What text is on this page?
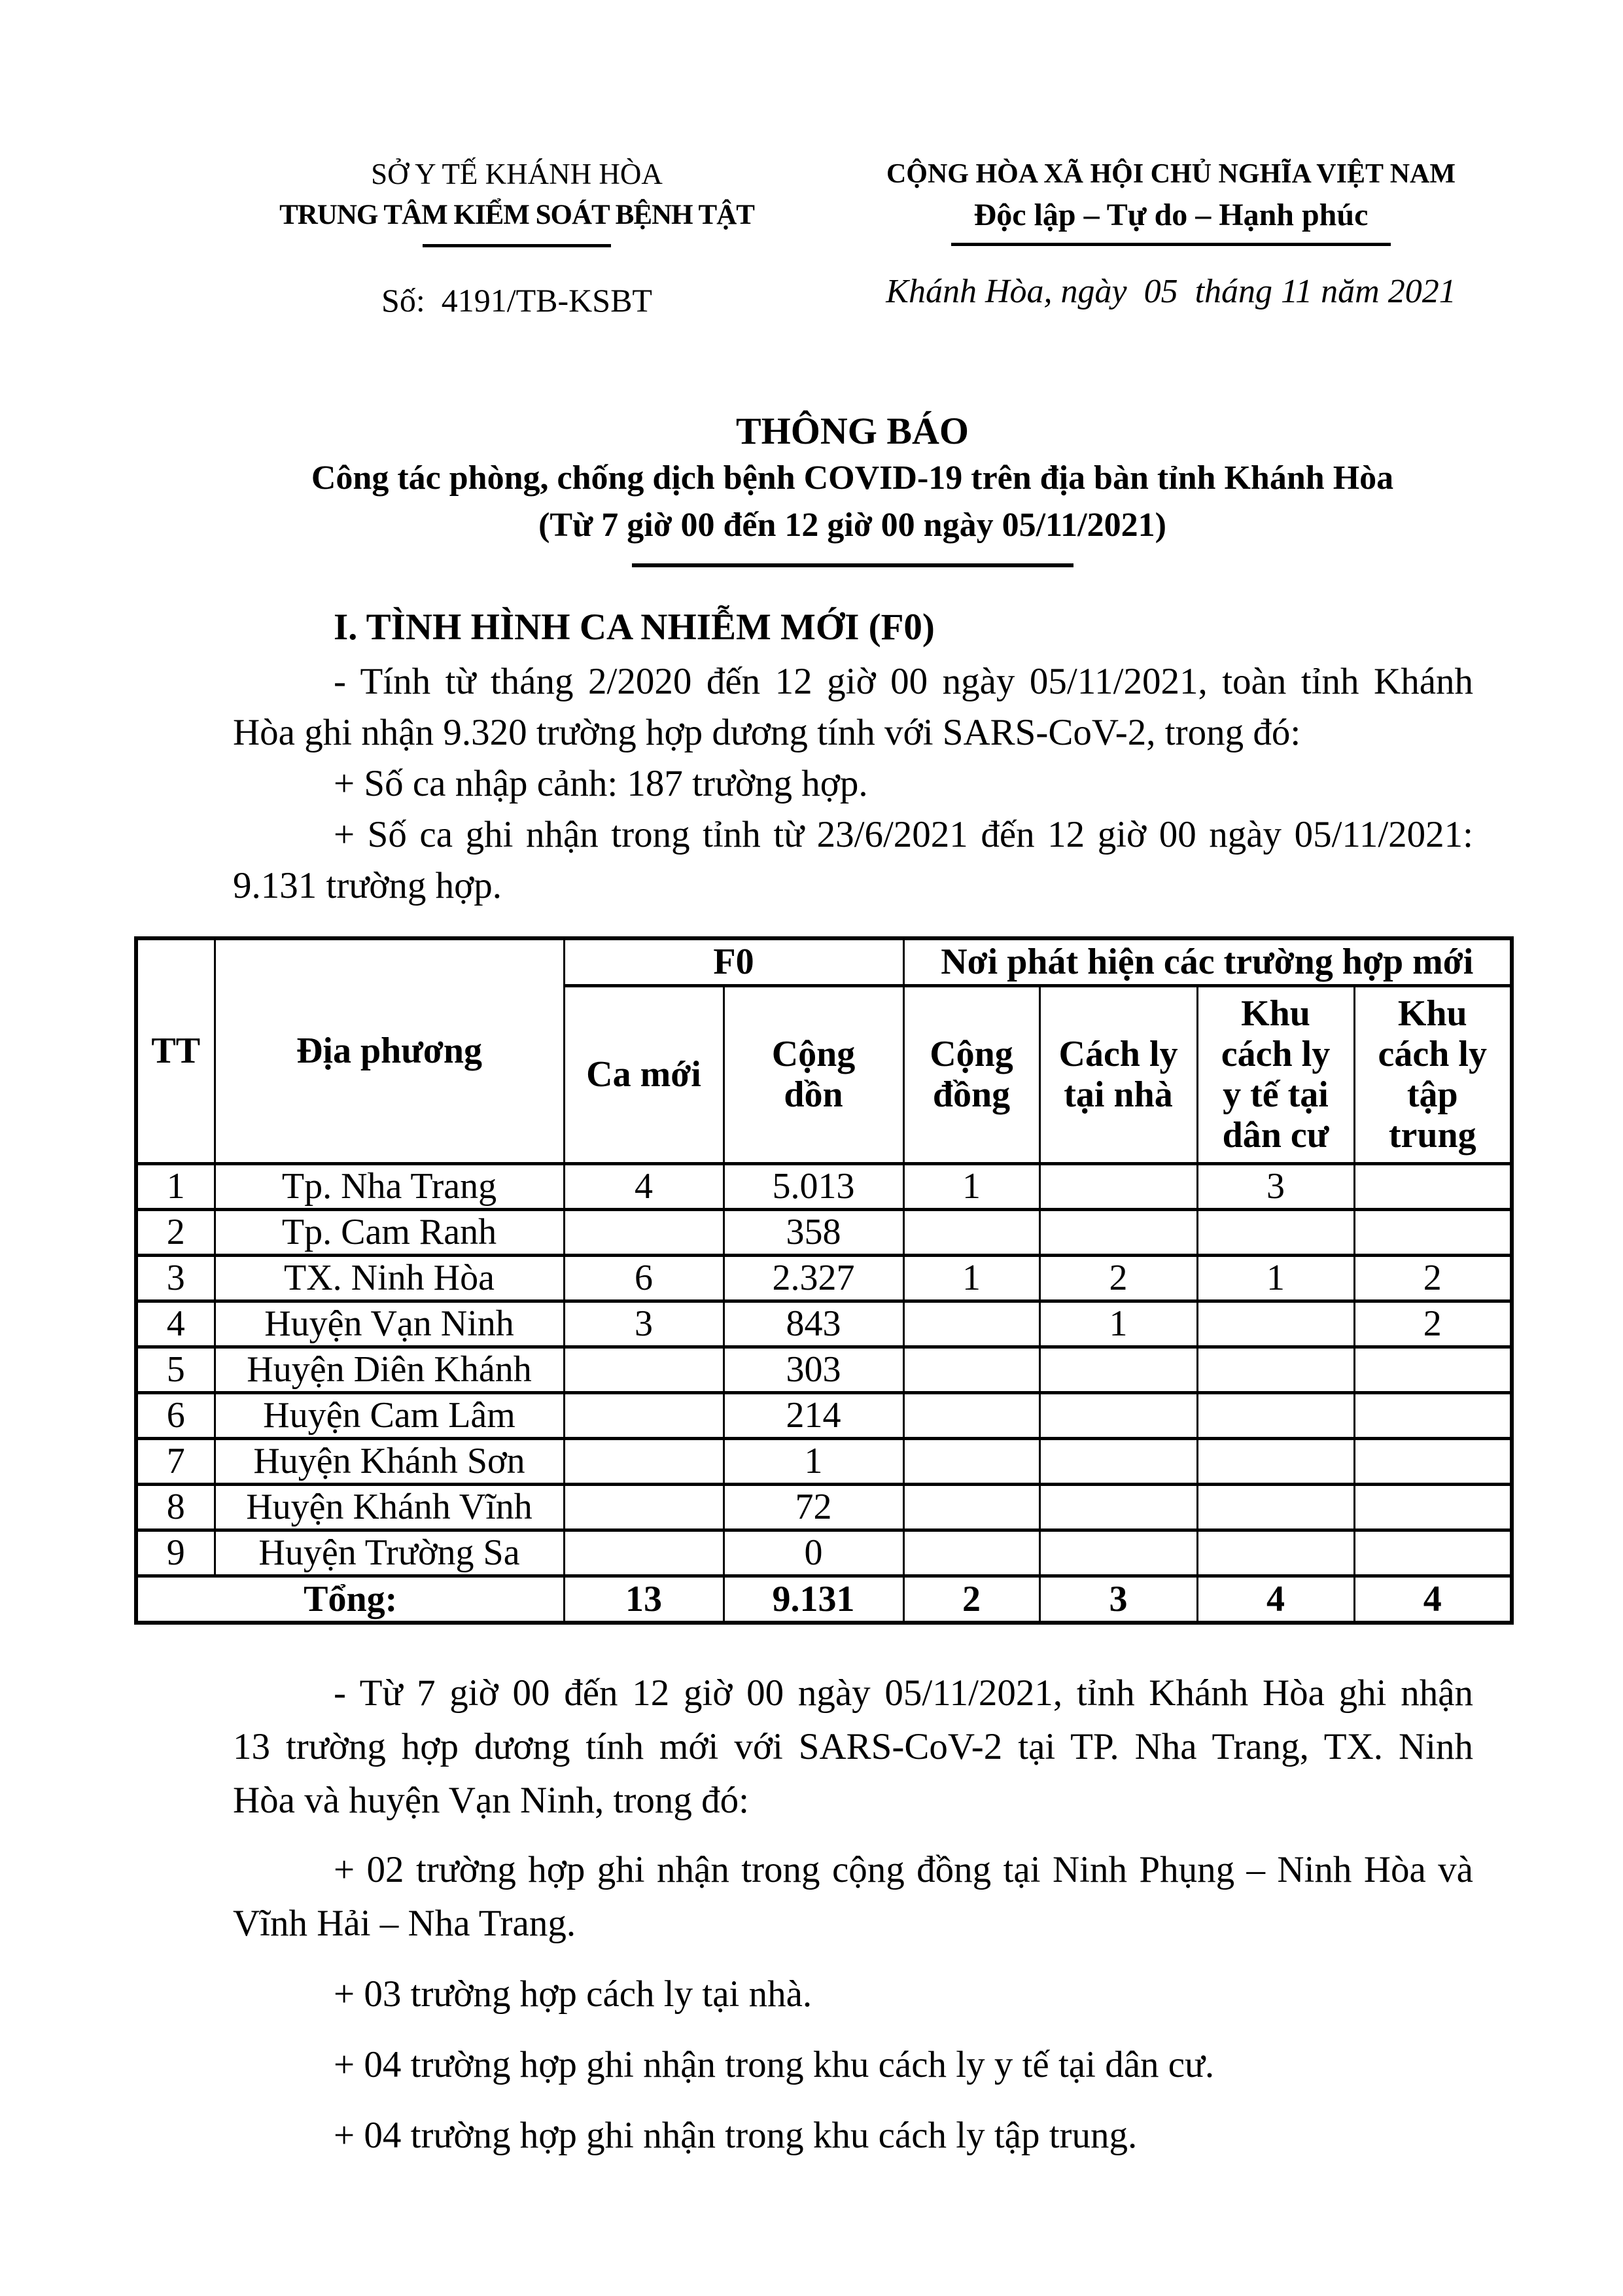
SỞ Y TẾ KHÁNH HÒA
TRUNG TÂM KIỂM SOÁT BỆNH TẬT
Số:  4191/TB-KSBT
CỘNG HÒA XÃ HỘI CHỦ NGHĨA VIỆT NAM
Độc lập – Tự do – Hạnh phúc
Khánh Hòa, ngày  05  tháng 11 năm 2021
THÔNG BÁO
Công tác phòng, chống dịch bệnh COVID-19 trên địa bàn tỉnh Khánh Hòa
(Từ 7 giờ 00 đến 12 giờ 00 ngày 05/11/2021)
I. TÌNH HÌNH CA NHIỄM MỚI (F0)
- Tính từ tháng 2/2020 đến 12 giờ 00 ngày 05/11/2021, toàn tỉnh Khánh
Hòa ghi nhận 9.320 trường hợp dương tính với SARS-CoV-2, trong đó:
+ Số ca nhập cảnh: 187 trường hợp.
+ Số ca ghi nhận trong tỉnh từ 23/6/2021 đến 12 giờ 00 ngày 05/11/2021:
9.131 trường hợp.
TT	Địa phương	F0		Nơi phát hiện các trường hợp mới			

		Ca mới	Cộng dồn	Cộng đồng	Cách ly tại nhà	Khu cách ly y tế tại dân cư	Khu cách ly tập trung

1	Tp. Nha Trang	4	5.013	1		3	
2	Tp. Cam Ranh		358				
3	TX. Ninh Hòa	6	2.327	1	2	1	2
4	Huyện Vạn Ninh	3	843		1		2
5	Huyện Diên Khánh		303				
6	Huyện Cam Lâm		214				
7	Huyện Khánh Sơn		1				
8	Huyện Khánh Vĩnh		72				
9	Huyện Trường Sa		0				
Tổng:		13	9.131	2	3	4	4
- Từ 7 giờ 00 đến 12 giờ 00 ngày 05/11/2021, tỉnh Khánh Hòa ghi nhận
13 trường hợp dương tính mới với SARS-CoV-2 tại TP. Nha Trang, TX. Ninh
Hòa và huyện Vạn Ninh, trong đó:
+ 02 trường hợp ghi nhận trong cộng đồng tại Ninh Phụng – Ninh Hòa và
Vĩnh Hải – Nha Trang.
+ 03 trường hợp cách ly tại nhà.
+ 04 trường hợp ghi nhận trong khu cách ly y tế tại dân cư.
+ 04 trường hợp ghi nhận trong khu cách ly tập trung.
